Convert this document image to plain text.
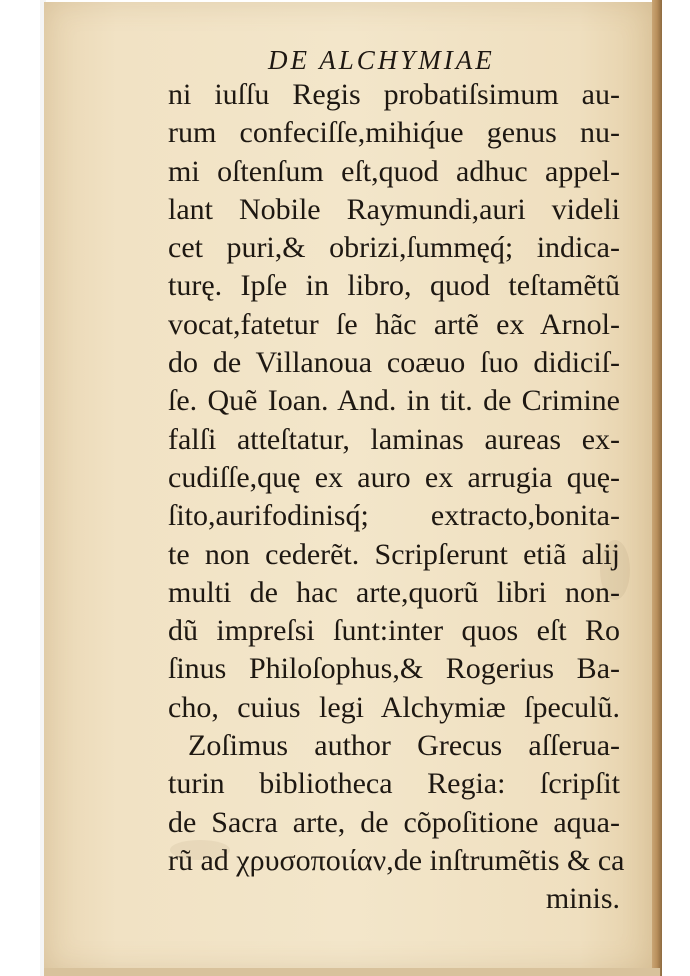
DE ALCHYMIAE
ni iuſſu Regis probatiſsimum au-
rum confeciſſe,mihiq́ue genus nu-
mi oſtenſum eſt,quod adhuc appel-
lant Nobile Raymundi,auri videli
cet puri,& obrizi,ſummęq́; indica-
turę. Ipſe in libro, quod teſtamẽtũ
vocat,fatetur ſe hãc artẽ ex Arnol-
do de Villanoua coæuo ſuo didiciſ-
ſe. Quẽ Ioan. And. in tit. de Crimine
falſi atteſtatur, laminas aureas ex-
cudiſſe,quę ex auro ex arrugia quę-
ſito,aurifodinisq́; extracto,bonita-
te non cederẽt. Scripſerunt etiã alij
multi de hac arte,quorũ libri non-
dũ impreſsi ſunt:inter quos eſt Ro
ſinus Philoſophus,& Rogerius Ba-
cho, cuius legi Alchymiæ ſpeculũ.
Zoſimus author Grecus aſſerua-
turin bibliotheca Regia: ſcripſit
de Sacra arte, de cõpoſitione aqua-
rũ ad χρυσοποιίαν,de inſtrumẽtis & ca
minis.
